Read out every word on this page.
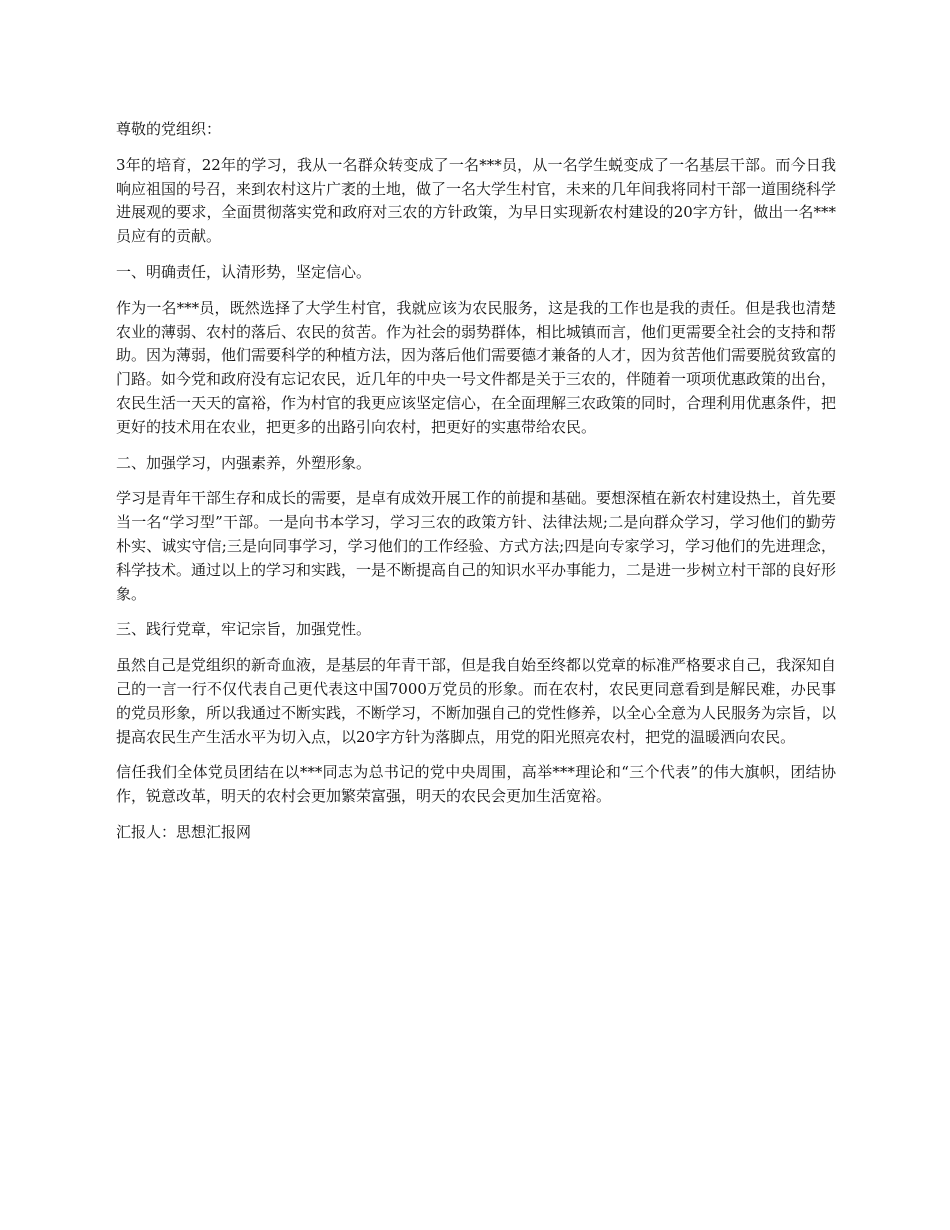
尊敬的党组织：

3年的培育，22年的学习，我从一名群众转变成了一名***员，从一名学生蜕变成了一名基层干部。而今日我响应祖国的号召，来到农村这片广袤的土地，做了一名大学生村官，未来的几年间我将同村干部一道围绕科学进展观的要求，全面贯彻落实党和政府对三农的方针政策，为早日实现新农村建设的20字方针，做出一名***员应有的贡献。

一、明确责任，认清形势，坚定信心。

作为一名***员，既然选择了大学生村官，我就应该为农民服务，这是我的工作也是我的责任。但是我也清楚农业的薄弱、农村的落后、农民的贫苦。作为社会的弱势群体，相比城镇而言，他们更需要全社会的支持和帮助。因为薄弱，他们需要科学的种植方法，因为落后他们需要德才兼备的人才，因为贫苦他们需要脱贫致富的门路。如今党和政府没有忘记农民，近几年的中央一号文件都是关于三农的，伴随着一项项优惠政策的出台，农民生活一天天的富裕，作为村官的我更应该坚定信心，在全面理解三农政策的同时，合理利用优惠条件，把更好的技术用在农业，把更多的出路引向农村，把更好的实惠带给农民。

二、加强学习，内强素养，外塑形象。

学习是青年干部生存和成长的需要，是卓有成效开展工作的前提和基础。要想深植在新农村建设热土，首先要当一名“学习型”干部。一是向书本学习，学习三农的政策方针、法律法规;二是向群众学习，学习他们的勤劳朴实、诚实守信;三是向同事学习，学习他们的工作经验、方式方法;四是向专家学习，学习他们的先进理念，科学技术。通过以上的学习和实践，一是不断提高自己的知识水平办事能力，二是进一步树立村干部的良好形象。

三、践行党章，牢记宗旨，加强党性。

虽然自己是党组织的新奇血液，是基层的年青干部，但是我自始至终都以党章的标准严格要求自己，我深知自己的一言一行不仅代表自己更代表这中国7000万党员的形象。而在农村，农民更同意看到是解民难，办民事的党员形象，所以我通过不断实践，不断学习，不断加强自己的党性修养，以全心全意为人民服务为宗旨，以提高农民生产生活水平为切入点，以20字方针为落脚点，用党的阳光照亮农村，把党的温暖洒向农民。

信任我们全体党员团结在以***同志为总书记的党中央周围，高举***理论和“三个代表”的伟大旗帜，团结协作，锐意改革，明天的农村会更加繁荣富强，明天的农民会更加生活宽裕。

汇报人：思想汇报网
